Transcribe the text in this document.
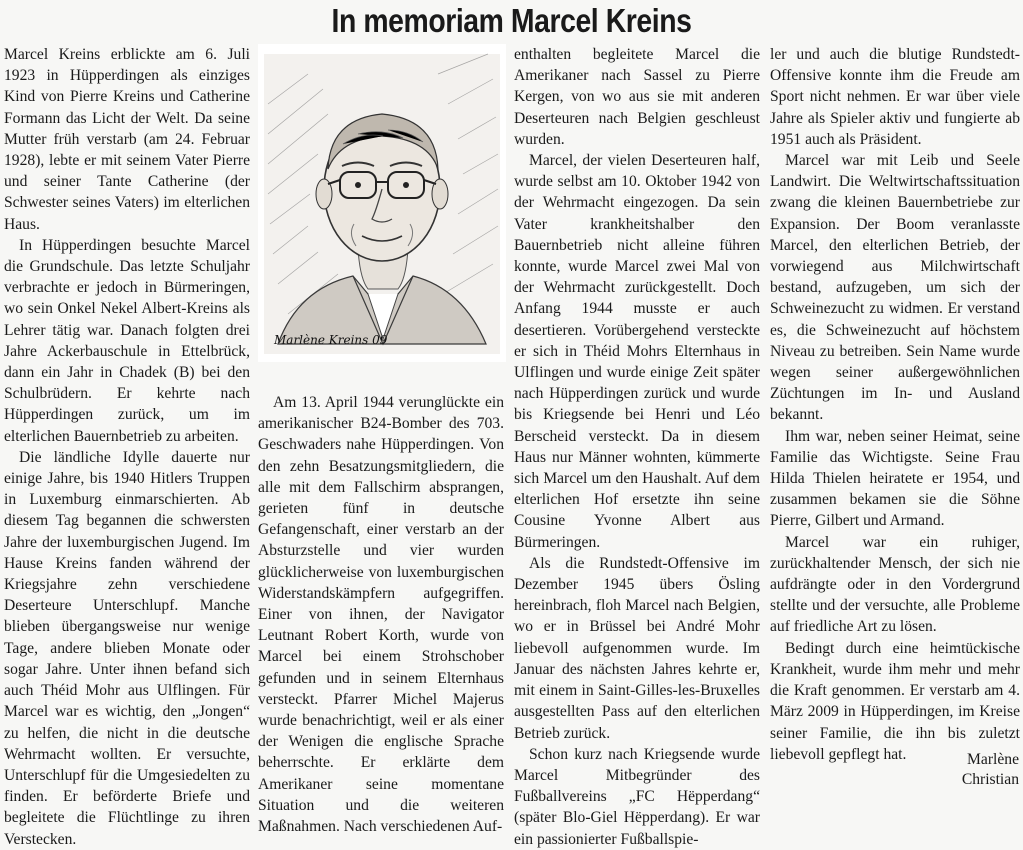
In memoriam Marcel Kreins

Marcel Kreins erblickte am 6. Juli 1923 in Hüpperdingen als einziges Kind von Pierre Kreins und Catherine Formann das Licht der Welt. Da seine Mutter früh verstarb (am 24. Februar 1928), lebte er mit seinem Vater Pierre und seiner Tante Catherine (der Schwester seines Vaters) im elterlichen Haus.

In Hüpperdingen besuchte Marcel die Grundschule. Das letzte Schuljahr verbrachte er jedoch in Bürmeringen, wo sein Onkel Nekel Albert-Kreins als Lehrer tätig war. Danach folgten drei Jahre Ackerbauschule in Ettelbrück, dann ein Jahr in Chadek (B) bei den Schulbrüdern. Er kehrte nach Hüpperdingen zurück, um im elterlichen Bauernbetrieb zu arbeiten.

Die ländliche Idylle dauerte nur einige Jahre, bis 1940 Hitlers Truppen in Luxemburg einmarschierten. Ab diesem Tag begannen die schwersten Jahre der luxemburgischen Jugend. Im Hause Kreins fanden während der Kriegsjahre zehn verschiedene Deserteure Unterschlupf. Manche blieben übergangsweise nur wenige Tage, andere blieben Monate oder sogar Jahre. Unter ihnen befand sich auch Théid Mohr aus Ulflingen. Für Marcel war es wichtig, den „Jongen“ zu helfen, die nicht in die deutsche Wehrmacht wollten. Er versuchte, Unterschlupf für die Umgesiedelten zu finden. Er beförderte Briefe und begleitete die Flüchtlinge zu ihren Verstecken.

Marlène Kreins 09

Am 13. April 1944 verunglückte ein amerikanischer B24-Bomber des 703. Geschwaders nahe Hüpperdingen. Von den zehn Besatzungsmitgliedern, die alle mit dem Fallschirm absprangen, gerieten fünf in deutsche Gefangenschaft, einer verstarb an der Absturzstelle und vier wurden glücklicherweise von luxemburgischen Widerstandskämpfern aufgegriffen. Einer von ihnen, der Navigator Leutnant Robert Korth, wurde von Marcel bei einem Strohschober gefunden und in seinem Elternhaus versteckt. Pfarrer Michel Majerus wurde benachrichtigt, weil er als einer der Wenigen die englische Sprache beherrschte. Er erklärte dem Amerikaner seine momentane Situation und die weiteren Maßnahmen. Nach verschiedenen Auf-

enthalten begleitete Marcel die Amerikaner nach Sassel zu Pierre Kergen, von wo aus sie mit anderen Deserteuren nach Belgien geschleust wurden.

Marcel, der vielen Deserteuren half, wurde selbst am 10. Oktober 1942 von der Wehrmacht eingezogen. Da sein Vater krankheitshalber den Bauernbetrieb nicht alleine führen konnte, wurde Marcel zwei Mal von der Wehrmacht zurückgestellt. Doch Anfang 1944 musste er auch desertieren. Vorübergehend versteckte er sich in Théid Mohrs Elternhaus in Ulflingen und wurde einige Zeit später nach Hüpperdingen zurück und wurde bis Kriegsende bei Henri und Léo Berscheid versteckt. Da in diesem Haus nur Männer wohnten, kümmerte sich Marcel um den Haushalt. Auf dem elterlichen Hof ersetzte ihn seine Cousine Yvonne Albert aus Bürmeringen.

Als die Rundstedt-Offensive im Dezember 1945 übers Ösling hereinbrach, floh Marcel nach Belgien, wo er in Brüssel bei André Mohr liebevoll aufgenommen wurde. Im Januar des nächsten Jahres kehrte er, mit einem in Saint-Gilles-les-Bruxelles ausgestellten Pass auf den elterlichen Betrieb zurück.

Schon kurz nach Kriegsende wurde Marcel Mitbegründer des Fußballvereins „FC Hëpperdang“ (später Blo-Giel Hëpperdang). Er war ein passionierter Fußballspie-

ler und auch die blutige Rundstedt-Offensive konnte ihm die Freude am Sport nicht nehmen. Er war über viele Jahre als Spieler aktiv und fungierte ab 1951 auch als Präsident.

Marcel war mit Leib und Seele Landwirt. Die Weltwirtschaftssituation zwang die kleinen Bauernbetriebe zur Expansion. Der Boom veranlasste Marcel, den elterlichen Betrieb, der vorwiegend aus Milchwirtschaft bestand, aufzugeben, um sich der Schweinezucht zu widmen. Er verstand es, die Schweinezucht auf höchstem Niveau zu betreiben. Sein Name wurde wegen seiner außergewöhnlichen Züchtungen im In- und Ausland bekannt.

Ihm war, neben seiner Heimat, seine Familie das Wichtigste. Seine Frau Hilda Thielen heiratete er 1954, und zusammen bekamen sie die Söhne Pierre, Gilbert und Armand.

Marcel war ein ruhiger, zurückhaltender Mensch, der sich nie aufdrängte oder in den Vordergrund stellte und der versuchte, alle Probleme auf friedliche Art zu lösen.

Bedingt durch eine heimtückische Krankheit, wurde ihm mehr und mehr die Kraft genommen. Er verstarb am 4. März 2009 in Hüpperdingen, im Kreise seiner Familie, die ihn bis zuletzt liebevoll gepflegt hat.	Marlène
Christian
